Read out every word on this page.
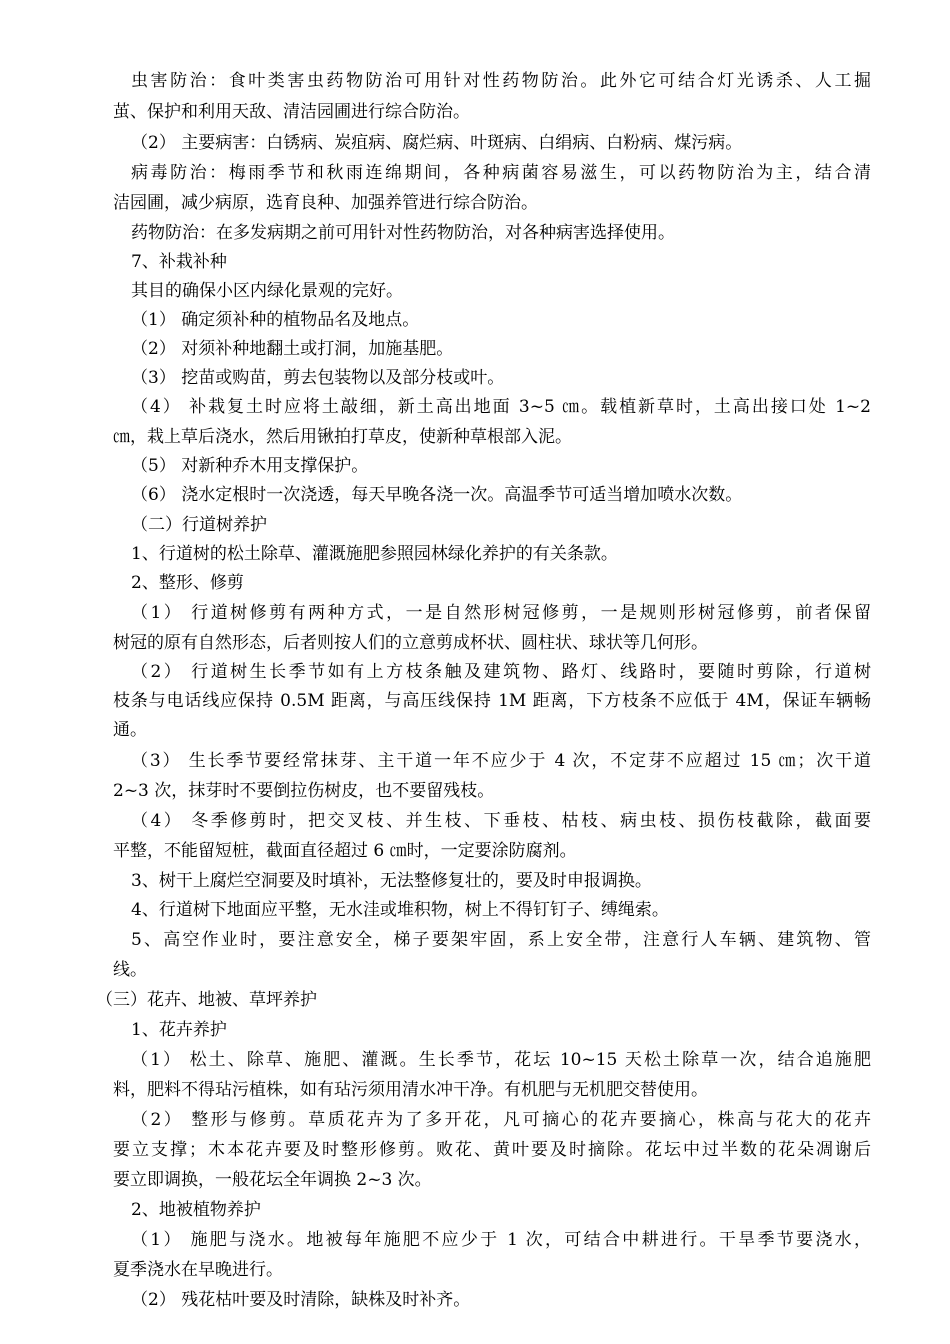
虫害防治：食叶类害虫药物防治可用针对性药物防治。此外它可结合灯光诱杀、人工掘
茧、保护和利用天敌、清洁园圃进行综合防治。
（2） 主要病害：白锈病、炭疽病、腐烂病、叶斑病、白绢病、白粉病、煤污病。
病毒防治：梅雨季节和秋雨连绵期间，各种病菌容易滋生，可以药物防治为主，结合清
洁园圃，减少病原，选育良种、加强养管进行综合防治。
药物防治：在多发病期之前可用针对性药物防治，对各种病害选择使用。
7、补栽补种
其目的确保小区内绿化景观的完好。
（1） 确定须补种的植物品名及地点。
（2） 对须补种地翻土或打洞，加施基肥。
（3） 挖苗或购苗，剪去包装物以及部分枝或叶。
（4） 补栽复土时应将土敲细，新土高出地面 3~5 ㎝。载植新草时，土高出接口处 1~2
㎝，栽上草后浇水，然后用锹拍打草皮，使新种草根部入泥。
（5） 对新种乔木用支撑保护。
（6） 浇水定根时一次浇透，每天早晚各浇一次。高温季节可适当增加喷水次数。
（二）行道树养护
1、行道树的松土除草、灌溉施肥参照园林绿化养护的有关条款。
2、整形、修剪
（1） 行道树修剪有两种方式，一是自然形树冠修剪，一是规则形树冠修剪，前者保留
树冠的原有自然形态，后者则按人们的立意剪成杯状、圆柱状、球状等几何形。
（2） 行道树生长季节如有上方枝条触及建筑物、路灯、线路时，要随时剪除，行道树
枝条与电话线应保持 0.5M 距离，与高压线保持 1M 距离，下方枝条不应低于 4M，保证车辆畅
通。
（3） 生长季节要经常抹芽、主干道一年不应少于 4 次，不定芽不应超过 15 ㎝；次干道
2~3 次，抹芽时不要倒拉伤树皮，也不要留残枝。
（4） 冬季修剪时，把交叉枝、并生枝、下垂枝、枯枝、病虫枝、损伤枝截除，截面要
平整，不能留短桩，截面直径超过 6 ㎝时，一定要涂防腐剂。
3、树干上腐烂空洞要及时填补，无法整修复壮的，要及时申报调换。
4、行道树下地面应平整，无水洼或堆积物，树上不得钉钉子、缚绳索。
5、高空作业时，要注意安全，梯子要架牢固，系上安全带，注意行人车辆、建筑物、管
线。
（三）花卉、地被、草坪养护
1、花卉养护
（1） 松土、除草、施肥、灌溉。生长季节，花坛 10~15 天松土除草一次，结合追施肥
料，肥料不得玷污植株，如有玷污须用清水冲干净。有机肥与无机肥交替使用。
（2） 整形与修剪。草质花卉为了多开花，凡可摘心的花卉要摘心，株高与花大的花卉
要立支撑；木本花卉要及时整形修剪。败花、黄叶要及时摘除。花坛中过半数的花朵凋谢后
要立即调换，一般花坛全年调换 2~3 次。
2、地被植物养护
（1） 施肥与浇水。地被每年施肥不应少于 1 次，可结合中耕进行。干旱季节要浇水，
夏季浇水在早晚进行。
（2） 残花枯叶要及时清除，缺株及时补齐。
